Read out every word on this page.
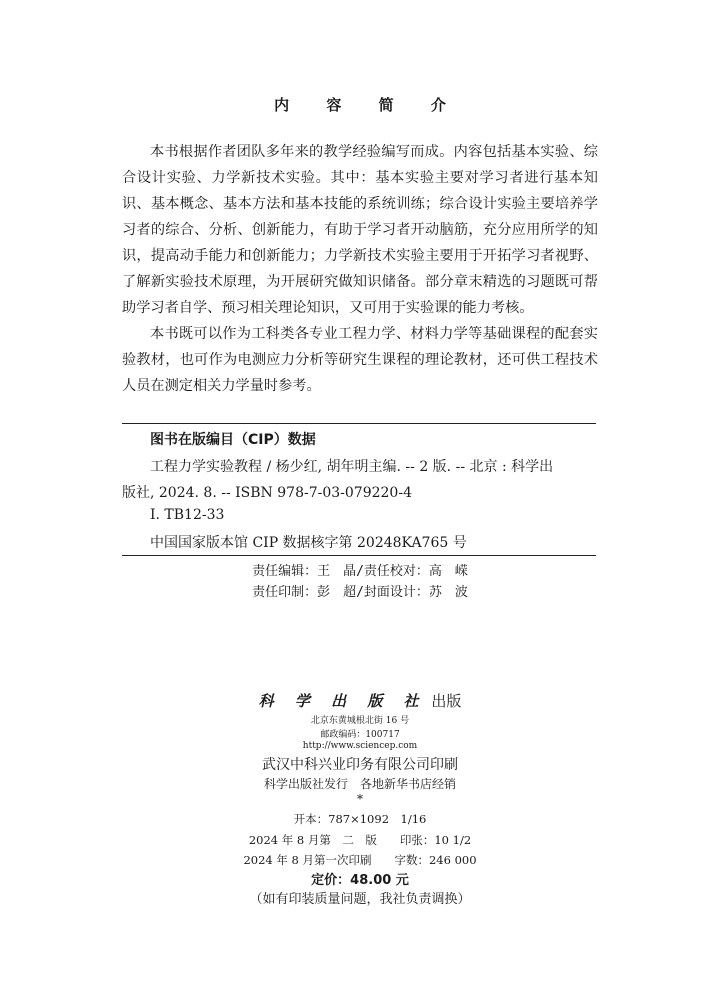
内 容 简 介

本书根据作者团队多年来的教学经验编写而成。内容包括基本实验、综合设计实验、力学新技术实验。其中：基本实验主要对学习者进行基本知识、基本概念、基本方法和基本技能的系统训练；综合设计实验主要培养学习者的综合、分析、创新能力，有助于学习者开动脑筋，充分应用所学的知识，提高动手能力和创新能力；力学新技术实验主要用于开拓学习者视野、了解新实验技术原理，为开展研究做知识储备。部分章末精选的习题既可帮助学习者自学、预习相关理论知识，又可用于实验课的能力考核。

本书既可以作为工科类各专业工程力学、材料力学等基础课程的配套实验教材，也可作为电测应力分析等研究生课程的理论教材，还可供工程技术人员在测定相关力学量时参考。

图书在版编目（CIP）数据
工程力学实验教程 / 杨少红, 胡年明主编. -- 2 版. -- 北京 : 科学出
版社, 2024. 8. -- ISBN 978-7-03-079220-4
I. TB12-33
中国国家版本馆 CIP 数据核字第 20248KA765 号
责任编辑：王　晶/责任校对：高　嵘
责任印制：彭　超/封面设计：苏　波
科 学 出 版 社 出版
北京东黄城根北街 16 号
邮政编码：100717
http://www.sciencep.com
武汉中科兴业印务有限公司印刷
科学出版社发行　各地新华书店经销
*
开本：787×1092　1/16
2024 年 8 月第　二　版　　印张：10 1/2
2024 年 8 月第一次印刷　　字数：246 000
定价：48.00 元
（如有印装质量问题，我社负责调换）
